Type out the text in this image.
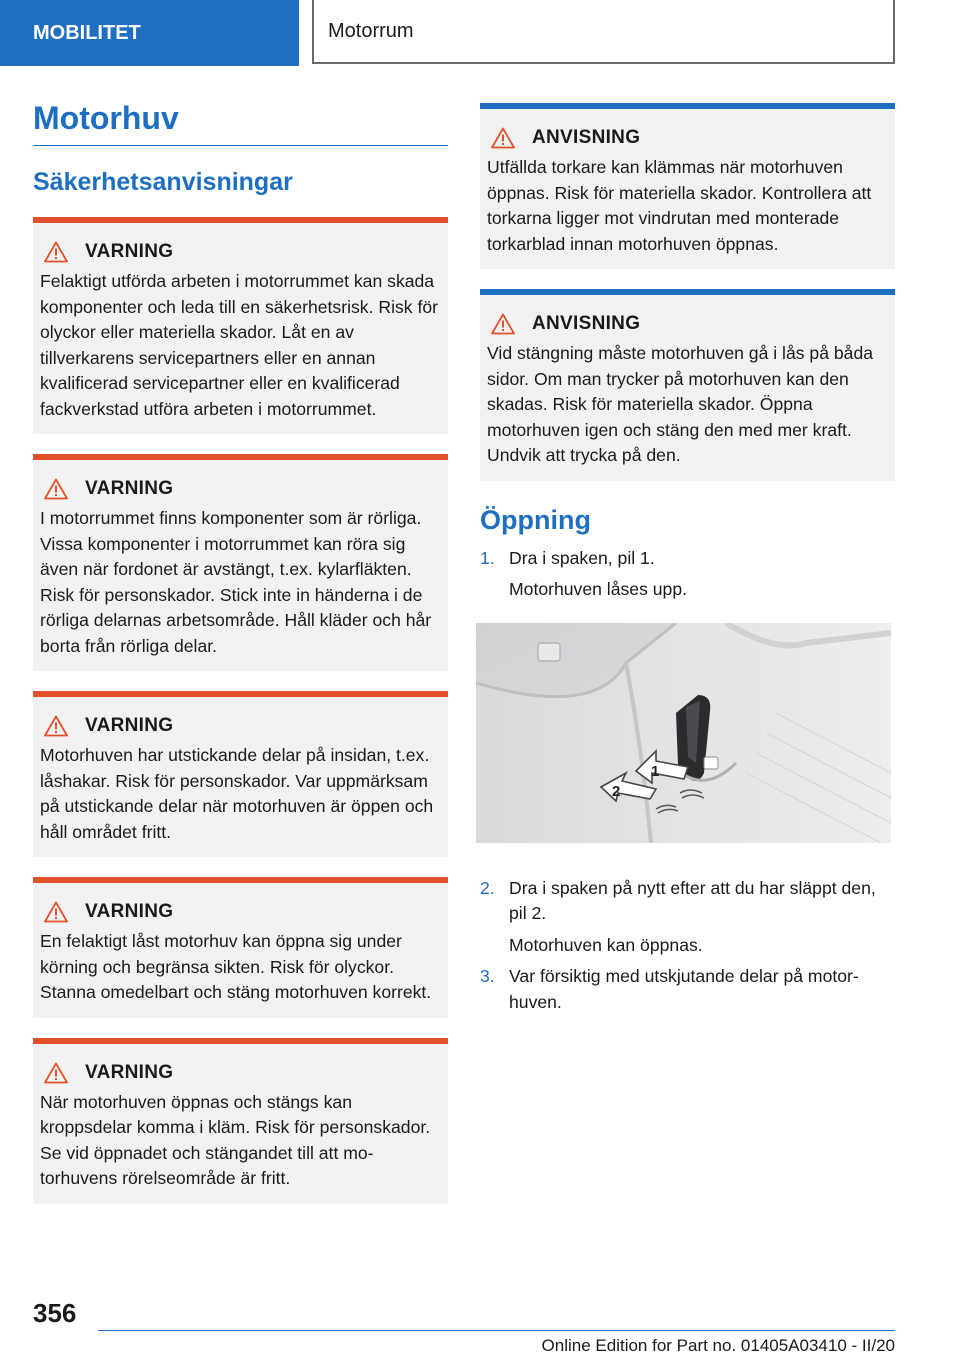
MOBILITET	Motorrum
Motorhuv
Säkerhetsanvisningar
VARNING
Felaktigt utförda arbeten i motorrummet kan skada komponenter och leda till en säkerhetsrisk. Risk för olyckor eller materiella skador. Låt en av tillverkarens servicepartners eller en annan kvalificerad servicepartner eller en kvalificerad fackverkstad utföra arbeten i motorrummet.
VARNING
I motorrummet finns komponenter som är rörliga. Vissa komponenter i motorrummet kan röra sig även när fordonet är avstängt, t.ex. kylarfläkten. Risk för personskador. Stick inte in händerna i de rörliga delarnas arbetsområde. Håll kläder och hår borta från rörliga delar.
VARNING
Motorhuven har utstickande delar på insidan, t.ex. låshakar. Risk för personskador. Var uppmärksam på utstickande delar när motorhuven är öppen och håll området fritt.
VARNING
En felaktigt låst motorhuv kan öppna sig under körning och begränsa sikten. Risk för olyckor. Stanna omedelbart och stäng motorhuven korrekt.
VARNING
När motorhuven öppnas och stängs kan kroppsdelar komma i kläm. Risk för personskador. Se vid öppnadet och stängandet till att motorhuvens rörelseområde är fritt.
ANVISNING
Utfällda torkare kan klämmas när motorhuven öppnas. Risk för materiella skador. Kontrollera att torkarna ligger mot vindrutan med monterade torkarblad innan motorhuven öppnas.
ANVISNING
Vid stängning måste motorhuven gå i lås på båda sidor. Om man trycker på motorhuven kan den skadas. Risk för materiella skador. Öppna motorhuven igen och stäng den med mer kraft. Undvik att trycka på den.
Öppning
1. Dra i spaken, pil 1.
Motorhuven låses upp.
2
1
2. Dra i spaken på nytt efter att du har släppt den, pil 2.
Motorhuven kan öppnas.
3. Var försiktig med utskjutande delar på motorhuven.
356
Online Edition for Part no. 01405A03410 - II/20
